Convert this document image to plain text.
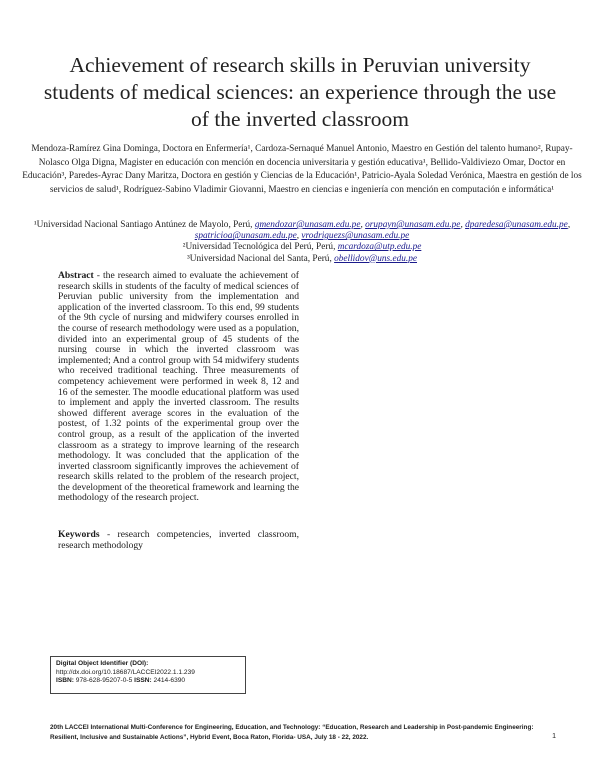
Achievement of research skills in Peruvian university students of medical sciences: an experience through the use of the inverted classroom
Mendoza-Ramírez Gina Dominga, Doctora en Enfermería¹, Cardoza-Sernaqué Manuel Antonio, Maestro en Gestión del talento humano², Rupay-Nolasco Olga Digna, Magister en educación con mención en docencia universitaria y gestión educativa¹, Bellido-Valdiviezo Omar, Doctor en Educación³, Paredes-Ayrac Dany Maritza, Doctora en gestión y Ciencias de la Educación¹, Patricio-Ayala Soledad Verónica, Maestra en gestión de los servicios de salud¹, Rodríguez-Sabino Vladimir Giovanni, Maestro en ciencias e ingeniería con mención en computación e informática¹
¹Universidad Nacional Santiago Antúnez de Mayolo, Perú, gmendozar@unasam.edu.pe, orupayn@unasam.edu.pe, dparedesa@unasam.edu.pe, spatricioa@unasam.edu.pe, vrodriguezs@unasam.edu.pe
²Universidad Tecnológica del Perú, Perú, mcardoza@utp.edu.pe
³Universidad Nacional del Santa, Perú, obellidov@uns.edu.pe
Abstract - the research aimed to evaluate the achievement of research skills in students of the faculty of medical sciences of Peruvian public university from the implementation and application of the inverted classroom. To this end, 99 students of the 9th cycle of nursing and midwifery courses enrolled in the course of research methodology were used as a population, divided into an experimental group of 45 students of the nursing course in which the inverted classroom was implemented; And a control group with 54 midwifery students who received traditional teaching. Three measurements of competency achievement were performed in week 8, 12 and 16 of the semester. The moodle educational platform was used to implement and apply the inverted classroom. The results showed different average scores in the evaluation of the postest, of 1.32 points of the experimental group over the control group, as a result of the application of the inverted classroom as a strategy to improve learning of the research methodology. It was concluded that the application of the inverted classroom significantly improves the achievement of research skills related to the problem of the research project, the development of the theoretical framework and learning the methodology of the research project.
Keywords - research competencies, inverted classroom, research methodology
Digital Object Identifier (DOI):
http://dx.doi.org/10.18687/LACCEI2022.1.1.239
ISBN: 978-628-95207-0-5 ISSN: 2414-6390
20th LACCEI International Multi-Conference for Engineering, Education, and Technology: “Education, Research and Leadership in Post-pandemic Engineering: Resilient, Inclusive and Sustainable Actions”, Hybrid Event, Boca Raton, Florida- USA, July 18 - 22, 2022.	1
